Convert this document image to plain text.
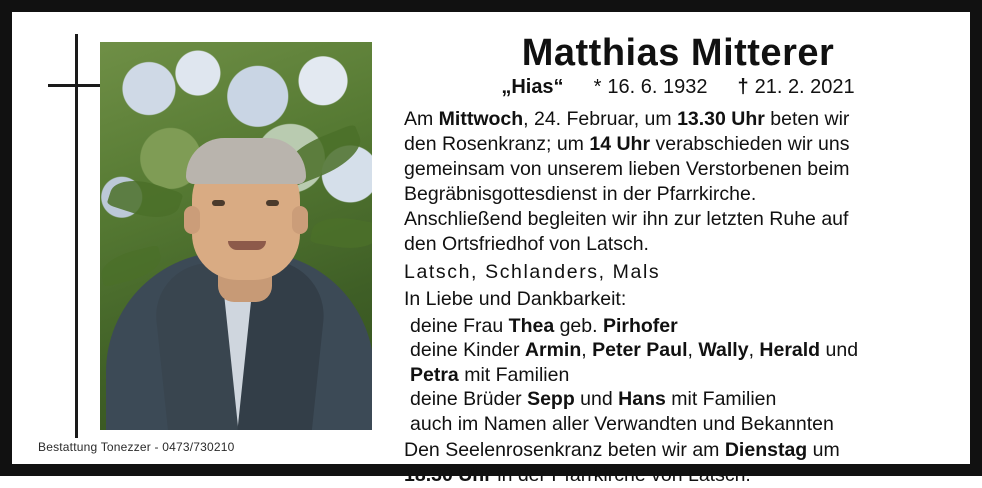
Bestattung Tonezzer - 0473/730210
Matthias Mitterer
„Hias“ * 16. 6. 1932 † 21. 2. 2021

Am Mittwoch, 24. Februar, um 13.30 Uhr beten wir
den Rosenkranz; um 14 Uhr verabschieden wir uns
gemeinsam von unserem lieben Verstorbenen beim
Begräbnisgottesdienst in der Pfarrkirche.
Anschließend begleiten wir ihn zur letzten Ruhe auf
den Ortsfriedhof von Latsch.

Latsch, Schlanders, Mals
In Liebe und Dankbarkeit:
deine Frau Thea geb. Pirhofer
deine Kinder Armin, Peter Paul, Wally, Herald und
Petra mit Familien
deine Brüder Sepp und Hans mit Familien
auch im Namen aller Verwandten und Bekannten
Den Seelenrosenkranz beten wir am Dienstag um
18.30 Uhr in der Pfarrkirche von Latsch.
